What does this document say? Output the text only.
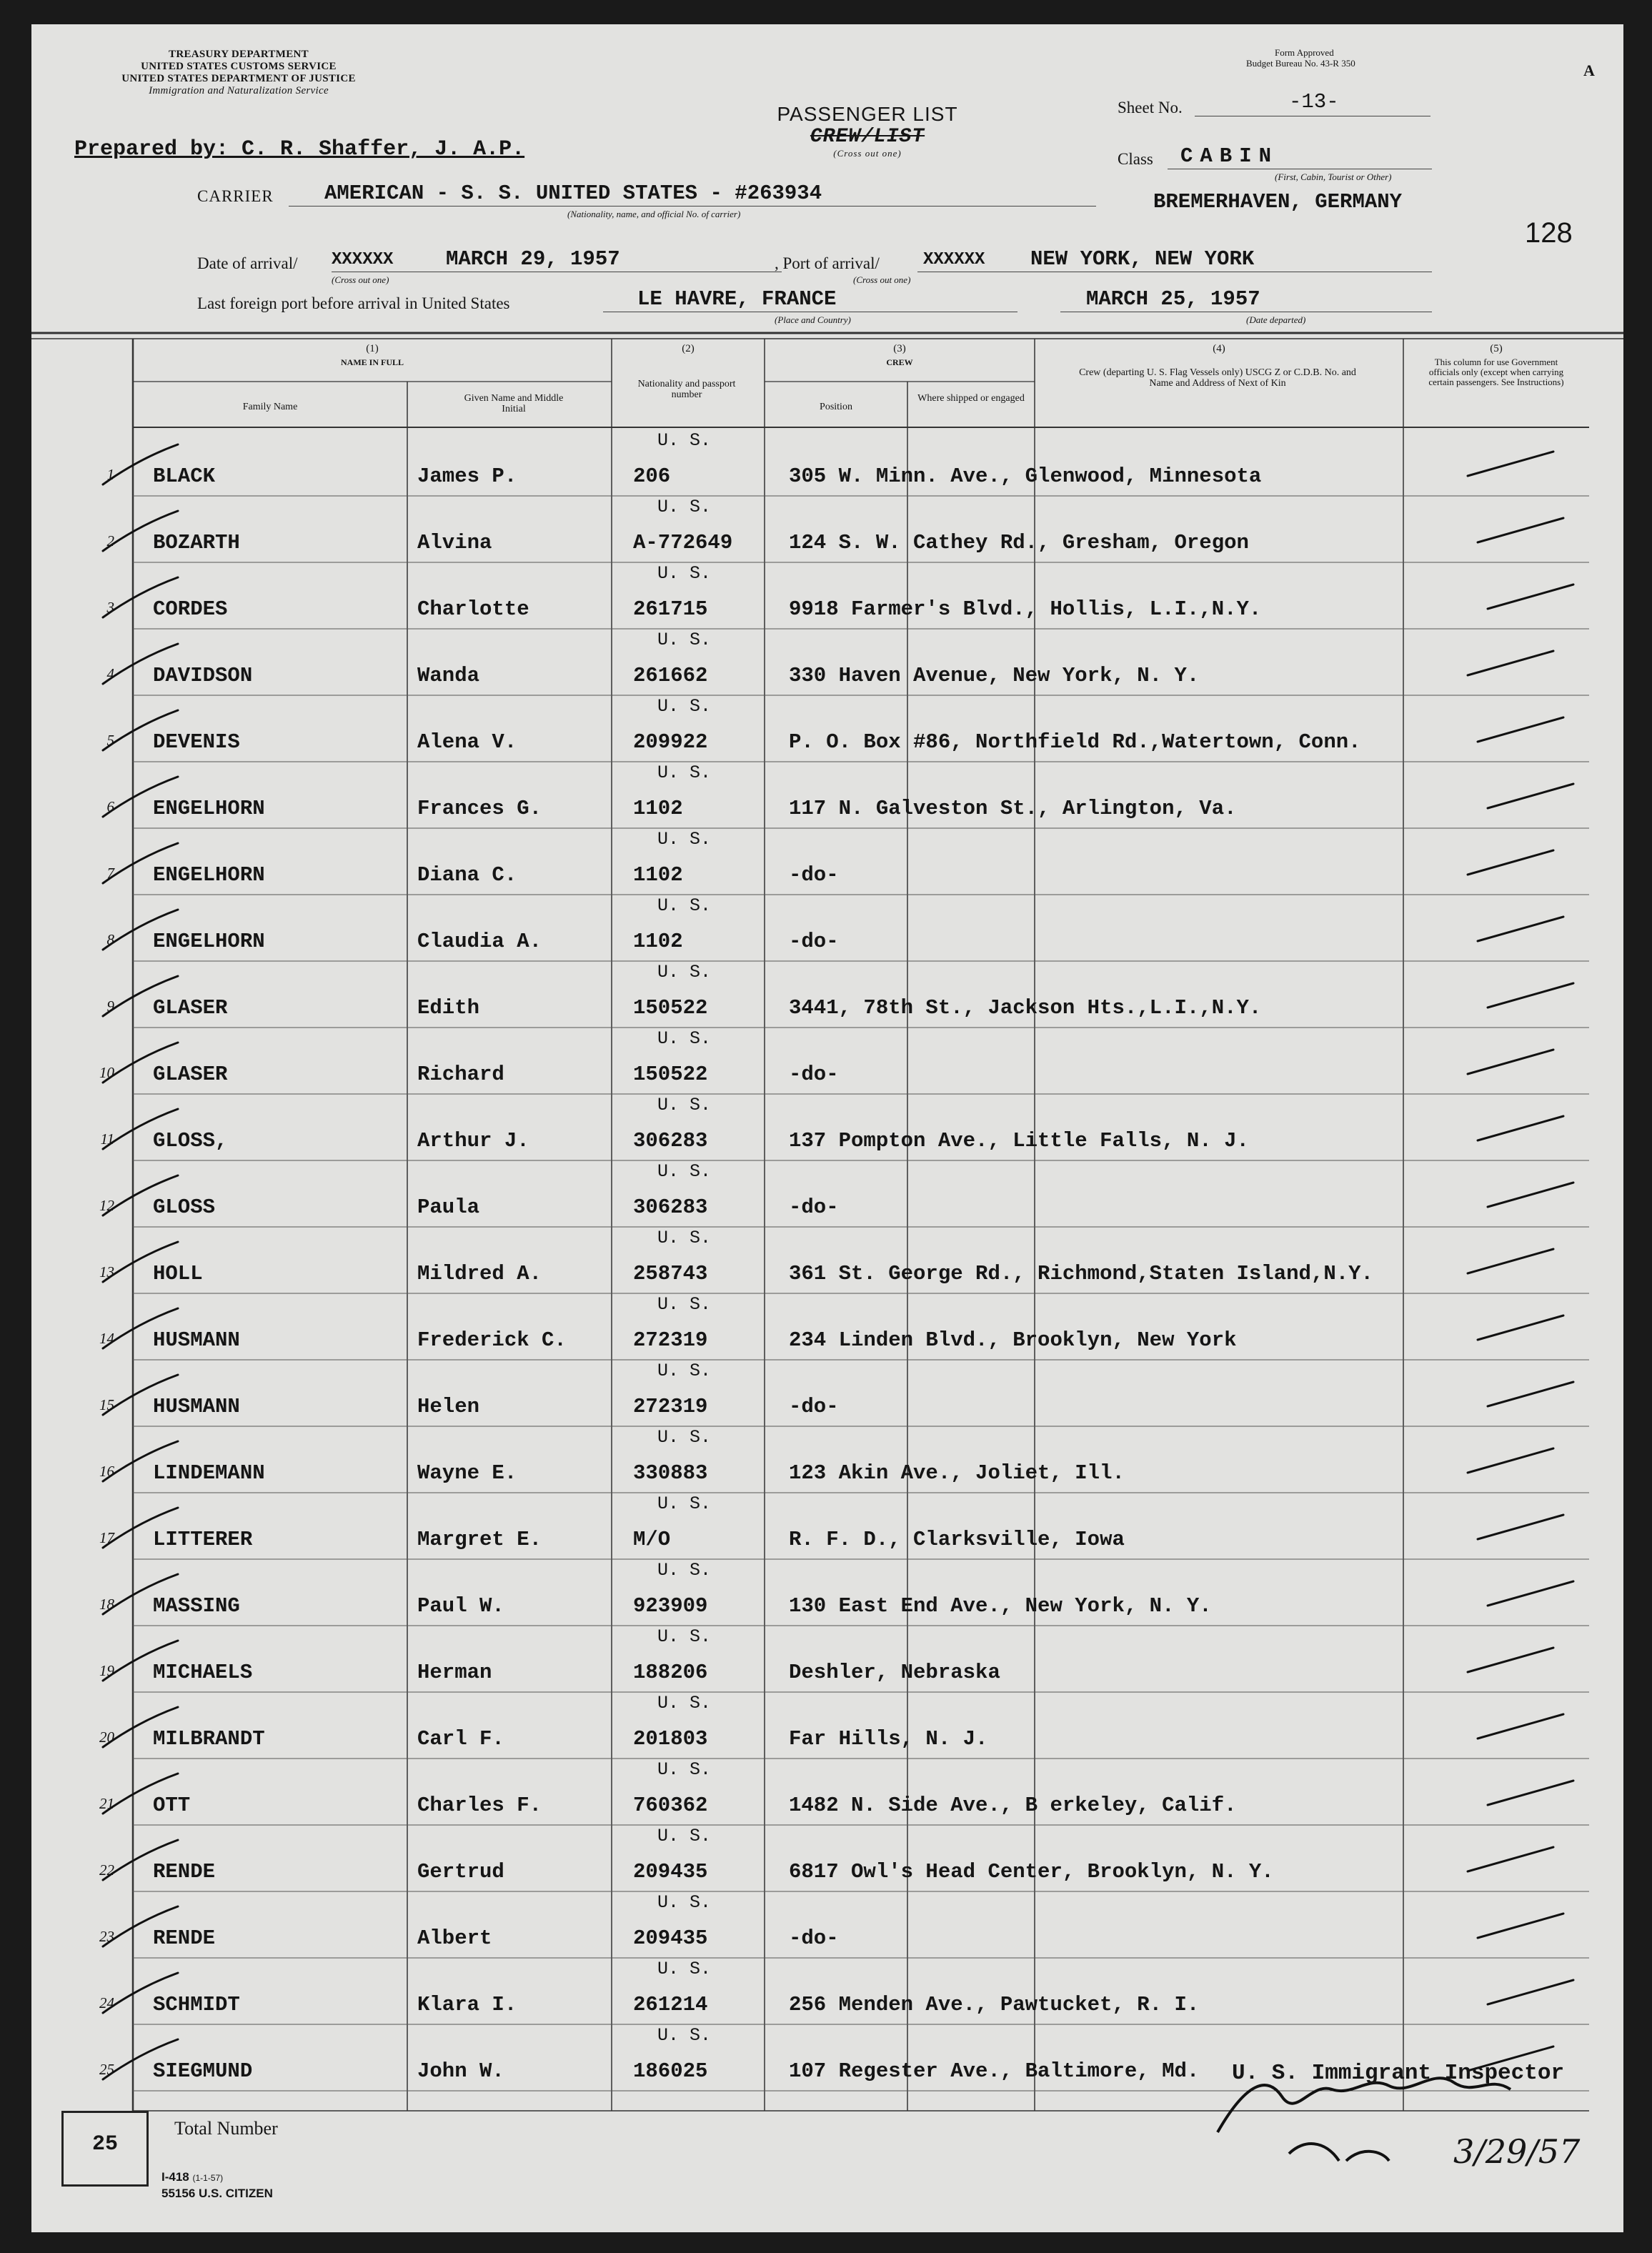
TREASURY DEPARTMENT
UNITED STATES CUSTOMS SERVICE
UNITED STATES DEPARTMENT OF JUSTICE
Immigration and Naturalization Service
Form Approved
Budget Bureau No. 43-R 350	A
Prepared by: C. R. Shaffer, J. A.P.
PASSENGER LIST
CREW/LIST
(Cross out one)
Sheet No.	-13-
Class CABIN
(First, Cabin, Tourist or Other)
CARRIER AMERICAN - S. S. UNITED STATES - #263934
(Nationality, name, and official No. of carrier)
BREMERHAVEN, GERMANY
128
Date of arrival/ XXXXXX	MARCH 29, 1957
(Cross out one)
, Port of arrival/	XXXXXX NEW YORK, NEW YORK
(Cross out one)
Last foreign port before arrival in United States	LE HAVRE, FRANCE
(Place and Country)
MARCH 25, 1957
(Date departed)
(1)
NAME IN FULL
Family Name
Given Name and Middle Initial
(2)
Nationality and passport number
(3)
CREW
Position
Where shipped or engaged
(4)
Crew (departing U. S. Flag Vessels only) USCG Z or C.D.B. No. and Name and Address of Next of Kin
(5)
This column for use Government officials only (except when carrying certain passengers. See Instructions)
U. S.
1 BLACK	James P.	206	305 W. Minn. Ave., Glenwood, Minnesota
U. S.
2 BOZARTH	Alvina	A-772649	124 S. W. Cathey Rd., Gresham, Oregon
U. S.
3 CORDES	Charlotte	261715	9918 Farmer's Blvd., Hollis, L.I.,N.Y.
U. S.
4 DAVIDSON	Wanda	261662	330 Haven Avenue, New York, N. Y.
U. S.
5 DEVENIS	Alena V.	209922	P. O. Box #86, Northfield Rd.,Watertown, Conn.
U. S.
6 ENGELHORN	Frances G.	1102	117 N. Galveston St., Arlington, Va.
U. S.
7 ENGELHORN	Diana C.	1102	-do-
U. S.
8 ENGELHORN	Claudia A.	1102	-do-
U. S.
9 GLASER	Edith	150522	3441, 78th St., Jackson Hts.,L.I.,N.Y.
U. S.
10 GLASER	Richard	150522	-do-
U. S.
11 GLOSS,	Arthur J.	306283	137 Pompton Ave., Little Falls, N. J.
U. S.
12 GLOSS	Paula	306283	-do-
U. S.
13 HOLL	Mildred A.	258743	361 St. George Rd., Richmond,Staten Island,N.Y.
U. S.
14 HUSMANN	Frederick C.	272319	234 Linden Blvd., Brooklyn, New York
U. S.
15 HUSMANN	Helen	272319	-do-
U. S.
16 LINDEMANN	Wayne E.	330883	123 Akin Ave., Joliet, Ill.
U. S.
17 LITTERER	Margret E.	M/O	R. F. D., Clarksville, Iowa
U. S.
18 MASSING	Paul W.	923909	130 East End Ave., New York, N. Y.
U. S.
19 MICHAELS	Herman	188206	Deshler, Nebraska
U. S.
20 MILBRANDT	Carl F.	201803	Far Hills, N. J.
U. S.
21 OTT	Charles F.	760362	1482 N. Side Ave., B erkeley, Calif.
U. S.
22 RENDE	Gertrud	209435	6817 Owl's Head Center, Brooklyn, N. Y.
U. S.
23 RENDE	Albert	209435	-do-
U. S.
24 SCHMIDT	Klara I.	261214	256 Menden Ave., Pawtucket, R. I.
U. S.
25 SIEGMUND	John W.	186025	107 Regester Ave., Baltimore, Md.
25
Total Number
I-418 (1-1-57)
55156 U.S. CITIZEN
U. S. Immigrant Inspector
3/29/57
